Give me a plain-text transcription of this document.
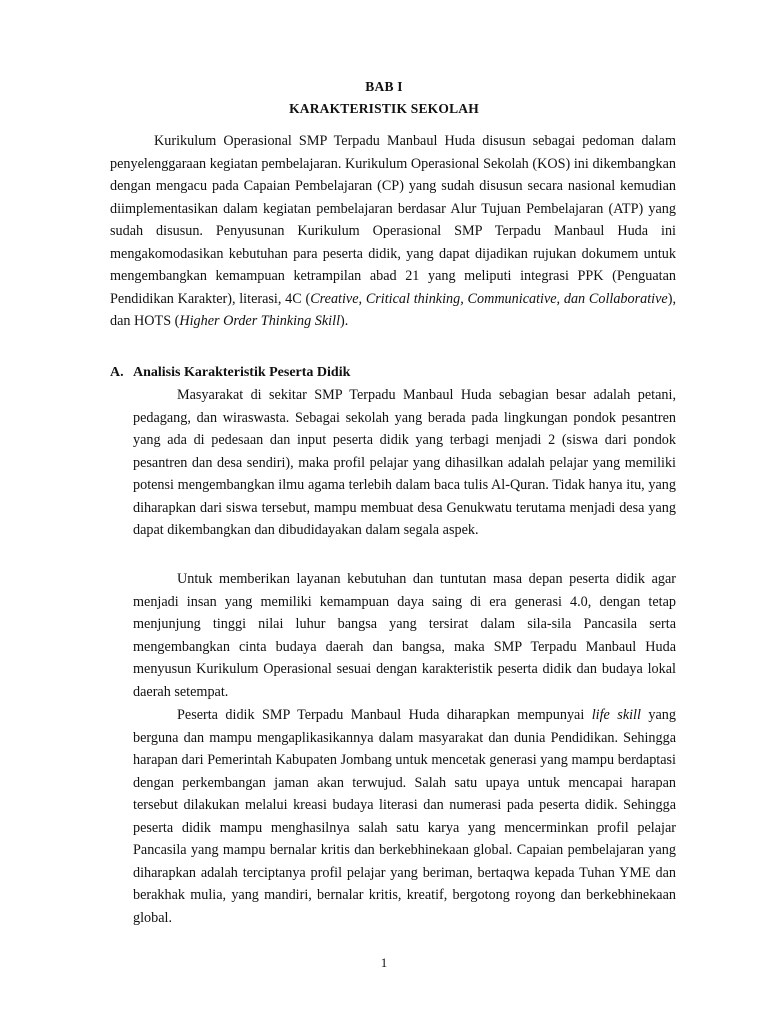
BAB I
KARAKTERISTIK SEKOLAH

Kurikulum Operasional SMP Terpadu Manbaul Huda disusun sebagai pedoman dalam penyelenggaraan kegiatan pembelajaran. Kurikulum Operasional Sekolah (KOS) ini dikembangkan dengan mengacu pada Capaian Pembelajaran (CP) yang sudah disusun secara nasional kemudian diimplementasikan dalam kegiatan pembelajaran berdasar Alur Tujuan Pembelajaran (ATP) yang sudah disusun. Penyusunan Kurikulum Operasional SMP Terpadu Manbaul Huda ini mengakomodasikan kebutuhan para peserta didik, yang dapat dijadikan rujukan dokumem untuk mengembangkan kemampuan ketrampilan abad 21 yang meliputi integrasi PPK (Penguatan Pendidikan Karakter), literasi, 4C (Creative, Critical thinking, Communicative, dan Collaborative), dan HOTS (Higher Order Thinking Skill).

A. Analisis Karakteristik Peserta Didik

Masyarakat di sekitar SMP Terpadu Manbaul Huda sebagian besar adalah petani, pedagang, dan wiraswasta. Sebagai sekolah yang berada pada lingkungan pondok pesantren yang ada di pedesaan dan input peserta didik yang terbagi menjadi 2 (siswa dari pondok pesantren dan desa sendiri), maka profil pelajar yang dihasilkan adalah pelajar yang memiliki potensi mengembangkan ilmu agama terlebih dalam baca tulis Al-Quran. Tidak hanya itu, yang diharapkan dari siswa tersebut, mampu membuat desa Genukwatu terutama menjadi desa yang dapat dikembangkan dan dibudidayakan dalam segala aspek.

Untuk memberikan layanan kebutuhan dan tuntutan masa depan peserta didik agar menjadi insan yang memiliki kemampuan daya saing di era generasi 4.0, dengan tetap menjunjung tinggi nilai luhur bangsa yang tersirat dalam sila-sila Pancasila serta mengembangkan cinta budaya daerah dan bangsa, maka SMP Terpadu Manbaul Huda menyusun Kurikulum Operasional sesuai dengan karakteristik peserta didik dan budaya lokal daerah setempat.

Peserta didik SMP Terpadu Manbaul Huda diharapkan mempunyai life skill yang berguna dan mampu mengaplikasikannya dalam masyarakat dan dunia Pendidikan. Sehingga harapan dari Pemerintah Kabupaten Jombang untuk mencetak generasi yang mampu berdaptasi dengan perkembangan jaman akan terwujud. Salah satu upaya untuk mencapai harapan tersebut dilakukan melalui kreasi budaya literasi dan numerasi pada peserta didik. Sehingga peserta didik mampu menghasilnya salah satu karya yang mencerminkan profil pelajar Pancasila yang mampu bernalar kritis dan berkebhinekaan global. Capaian pembelajaran yang diharapkan adalah terciptanya profil pelajar yang beriman, bertaqwa kepada Tuhan YME dan berakhak mulia, yang mandiri, bernalar kritis, kreatif, bergotong royong dan berkebhinekaan global.

1
